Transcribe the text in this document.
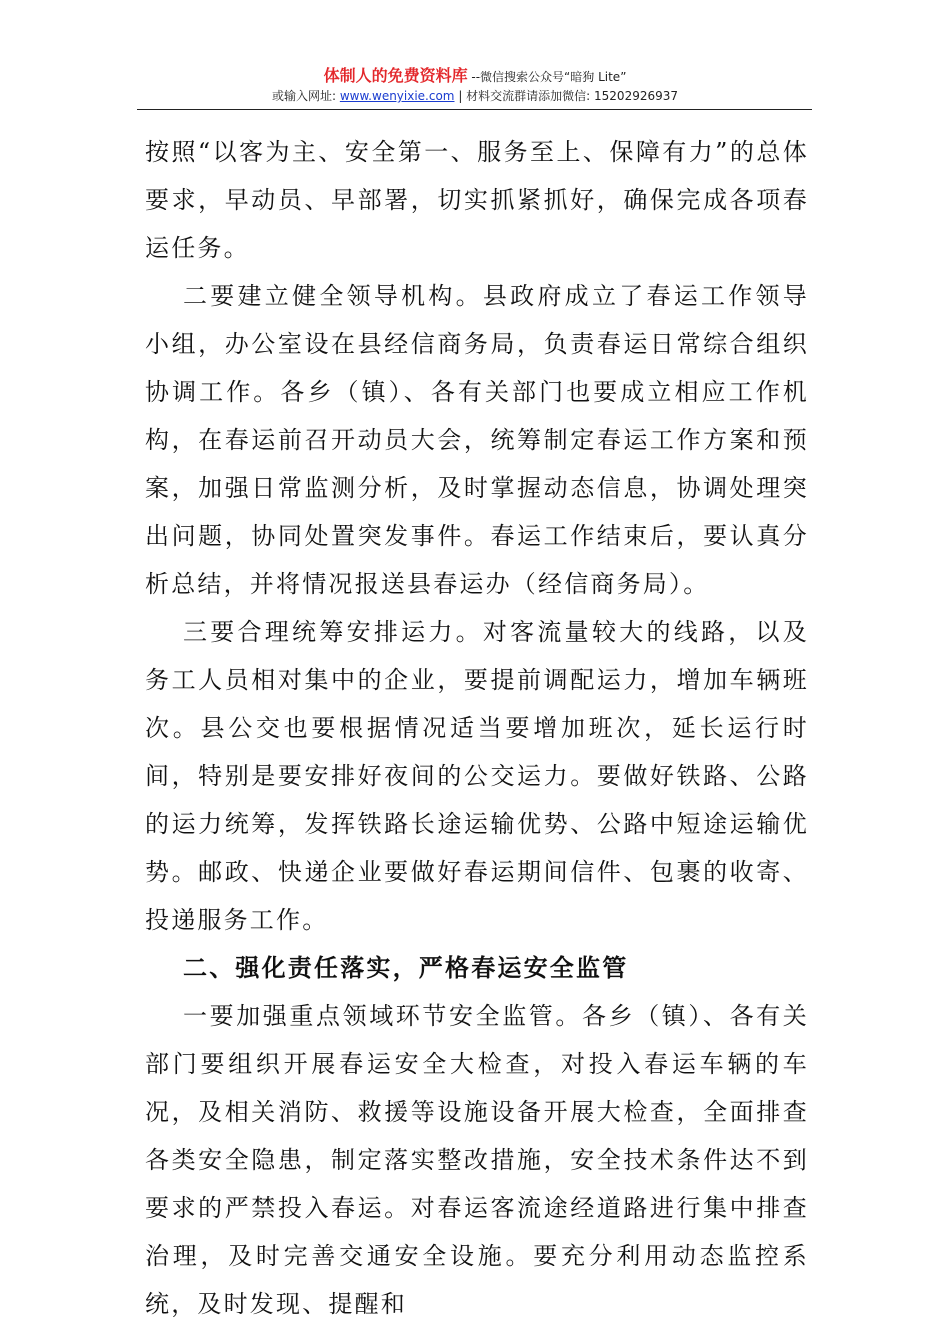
体制人的免费资料库 --微信搜索公众号“暗狗 Lite”
或输入网址: www.wenyixie.com | 材料交流群请添加微信: 15202926937

按照“以客为主、安全第一、服务至上、保障有力”的总体要求，早动员、早部署，切实抓紧抓好，确保完成各项春运任务。

二要建立健全领导机构。县政府成立了春运工作领导小组，办公室设在县经信商务局，负责春运日常综合组织协调工作。各乡（镇）、各有关部门也要成立相应工作机构，在春运前召开动员大会，统筹制定春运工作方案和预案，加强日常监测分析，及时掌握动态信息，协调处理突出问题，协同处置突发事件。春运工作结束后，要认真分析总结，并将情况报送县春运办（经信商务局）。

三要合理统筹安排运力。对客流量较大的线路，以及务工人员相对集中的企业，要提前调配运力，增加车辆班次。县公交也要根据情况适当要增加班次，延长运行时间，特别是要安排好夜间的公交运力。要做好铁路、公路的运力统筹，发挥铁路长途运输优势、公路中短途运输优势。邮政、快递企业要做好春运期间信件、包裹的收寄、投递服务工作。

二、强化责任落实，严格春运安全监管

一要加强重点领域环节安全监管。各乡（镇）、各有关部门要组织开展春运安全大检查，对投入春运车辆的车况，及相关消防、救援等设施设备开展大检查，全面排查各类安全隐患，制定落实整改措施，安全技术条件达不到要求的严禁投入春运。对春运客流途经道路进行集中排查治理，及时完善交通安全设施。要充分利用动态监控系统，及时发现、提醒和
